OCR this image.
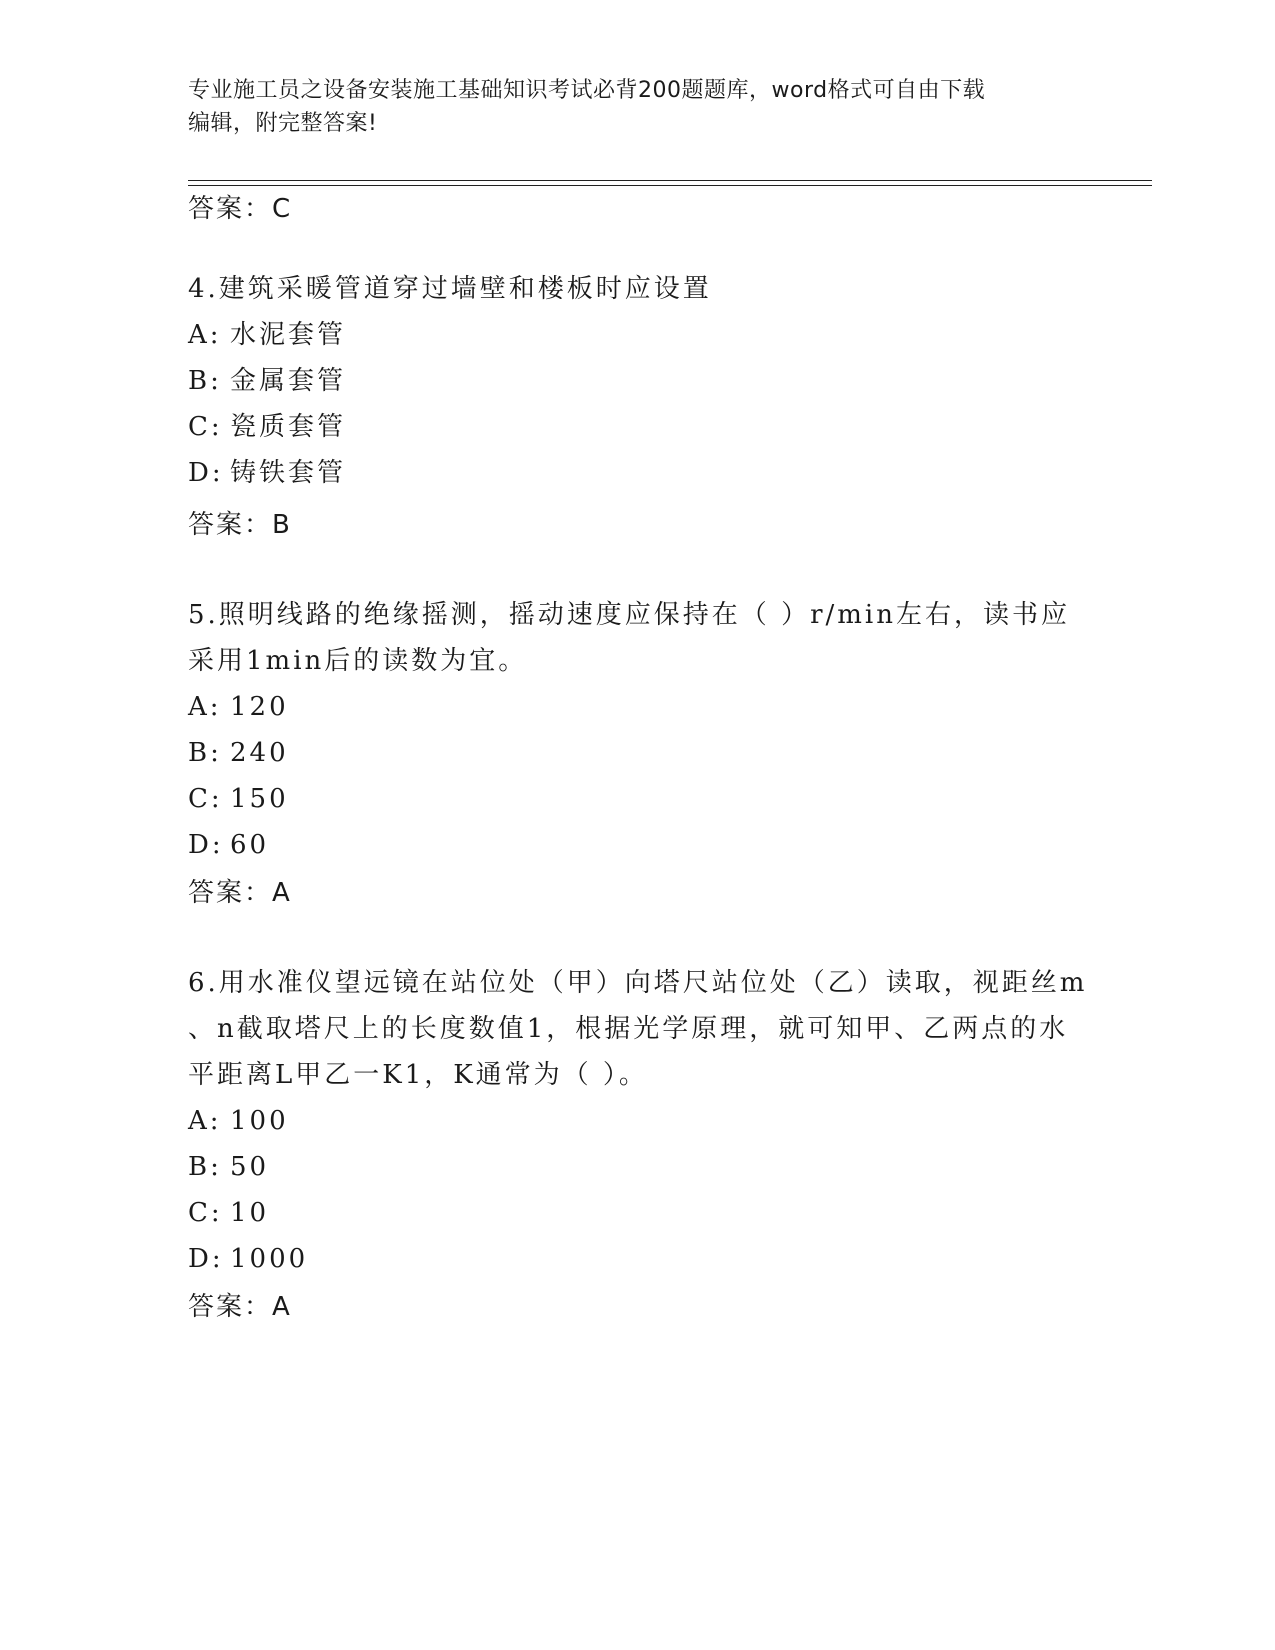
专业施工员之设备安装施工基础知识考试必背200题题库，word格式可自由下载
编辑，附完整答案!

答案：C

4.建筑采暖管道穿过墙壁和楼板时应设置

A: 水泥套管

B: 金属套管

C: 瓷质套管

D: 铸铁套管

答案：B

5.照明线路的绝缘摇测，摇动速度应保持在（ ）r/min左右，读书应

采用1min后的读数为宜。

A: 120

B: 240

C: 150

D: 60

答案：A

6.用水准仪望远镜在站位处（甲）向塔尺站位处（乙）读取，视距丝m

、n截取塔尺上的长度数值1，根据光学原理，就可知甲、乙两点的水

平距离L甲乙一K1，K通常为（ ）。

A: 100

B: 50

C: 10

D: 1000

答案：A
